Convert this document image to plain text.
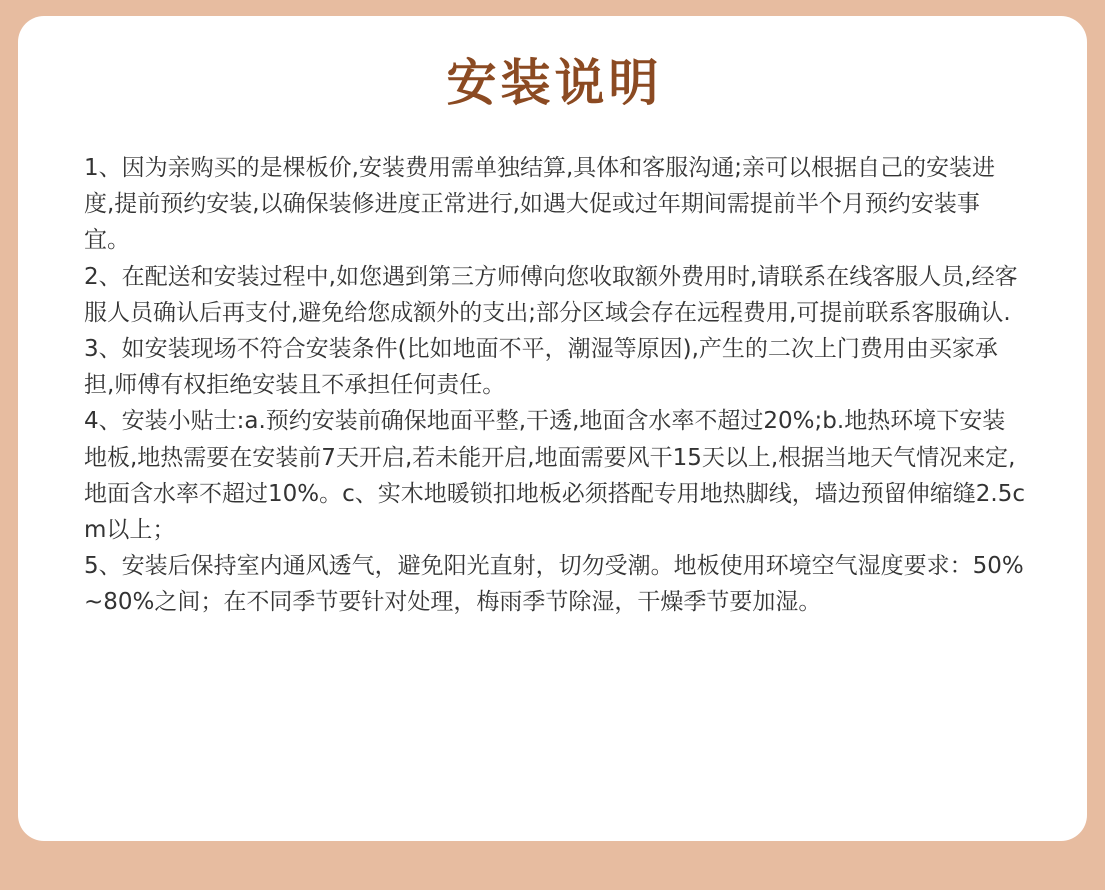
安装说明
1、因为亲购买的是棵板价,安装费用需单独结算,具体和客服沟通;亲可以根据自己的安装进度,提前预约安装,以确保装修进度正常进行,如遇大促或过年期间需提前半个月预约安装事宜。
2、在配送和安装过程中,如您遇到第三方师傅向您收取额外费用时,请联系在线客服人员,经客服人员确认后再支付,避免给您成额外的支出;部分区域会存在远程费用,可提前联系客服确认.
3、如安装现场不符合安装条件(比如地面不平，潮湿等原因),产生的二次上门费用由买家承担,师傅有权拒绝安装且不承担任何责任。
4、安装小贴士:a.预约安装前确保地面平整,干透,地面含水率不超过20%;b.地热环境下安装地板,地热需要在安装前7天开启,若未能开启,地面需要风干15天以上,根据当地天气情况来定,地面含水率不超过10%。c、实木地暖锁扣地板必须搭配专用地热脚线，墙边预留伸缩缝2.5cm以上；
5、安装后保持室内通风透气，避免阳光直射，切勿受潮。地板使用环境空气湿度要求：50%~80%之间；在不同季节要针对处理，梅雨季节除湿，干燥季节要加湿。
